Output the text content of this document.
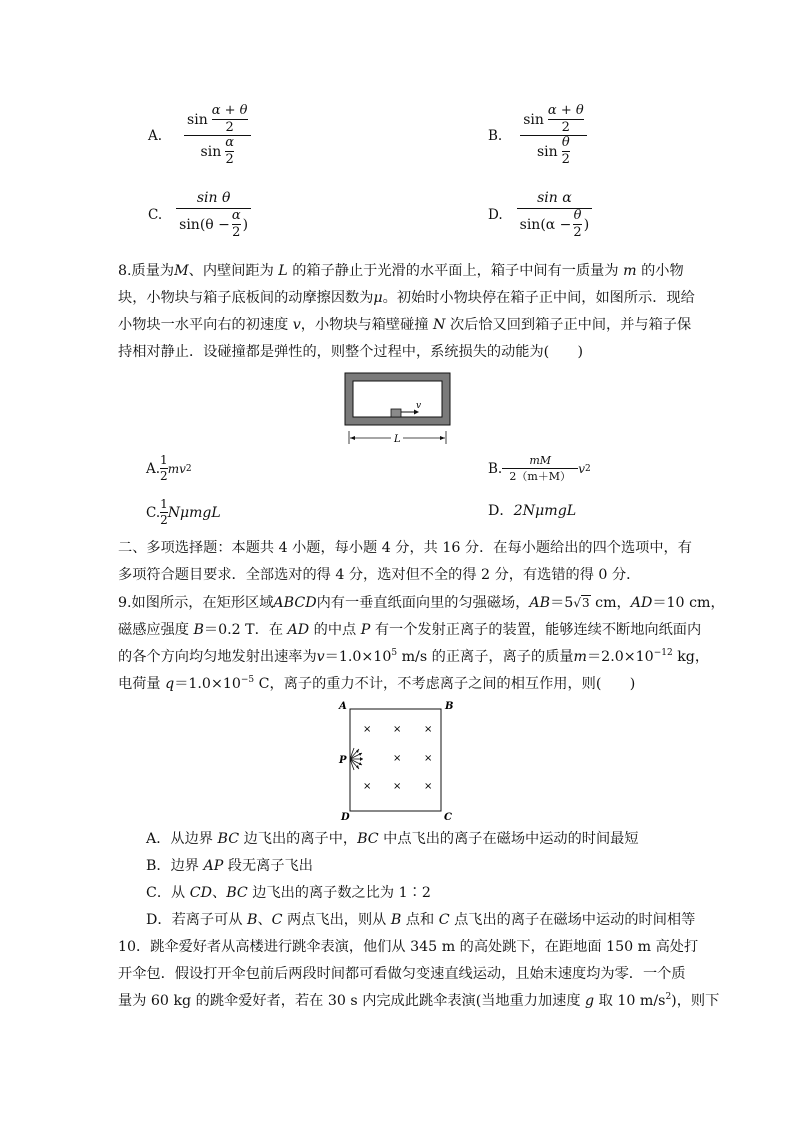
A. sin
α + θ
2
sin
α
2	B. sin
α + θ
2
sin
θ
2
C. sin θ
sin(θ −
α
2 )	D. sin α
sin(α −
θ
2 )
8.质量为M、内壁间距为 L 的箱子静止于光滑的水平面上，箱子中间有一质量为 m 的小物
块，小物块与箱子底板间的动摩擦因数为μ。初始时小物块停在箱子正中间，如图所示．现给
小物块一水平向右的初速度 v，小物块与箱壁碰撞 N 次后恰又回到箱子正中间，并与箱子保
持相对静止．设碰撞都是弹性的，则整个过程中，系统损失的动能为(　　)
v
L
A.
1
2
mv 2	B. mM
2（m＋M）
v 2
C.
1
2 Nμmg L	D．2NμmgL
二、多项选择题：本题共 4 小题，每小题 4 分，共 16 分．在每小题给出的四个选项中，有
多项符合题目要求．全部选对的得 4 分，选对但不全的得 2 分，有选错的得 0 分．
9.如图所示，在矩形区域ABCD内有一垂直纸面向里的匀强磁场，AB＝5√3 cm，AD＝10 cm，
磁感应强度 B＝0.2 T．在 AD 的中点 P 有一个发射正离子的装置，能够连续不断地向纸面内
的各个方向均匀地发射出速率为$v=1.0\times 10^5$ m/s 的正离子，离子的质量$m=2.0\times 10^{-12}$ kg，
电荷量 $q=1.0\times 10^{-5}$ C，离子的重力不计，不考虑离子之间的相互作用，则(　　)
A	B
D	C
P
× × ×
× ×
× × ×
A．从边界 BC 边飞出的离子中，BC 中点飞出的离子在磁场中运动的时间最短
B．边界 AP 段无离子飞出
C．从 CD、BC 边飞出的离子数之比为 1∶2
D．若离子可从 B、C 两点飞出，则从 B 点和 C 点飞出的离子在磁场中运动的时间相等
10．跳伞爱好者从高楼进行跳伞表演，他们从 345 m 的高处跳下，在距地面 150 m 高处打
开伞包．假设打开伞包前后两段时间都可看做匀变速直线运动，且始末速度均为零．一个质
量为 60 kg 的跳伞爱好者，若在 30 s 内完成此跳伞表演(当地重力加速度 g 取 10 $m/s^2$)，则下
